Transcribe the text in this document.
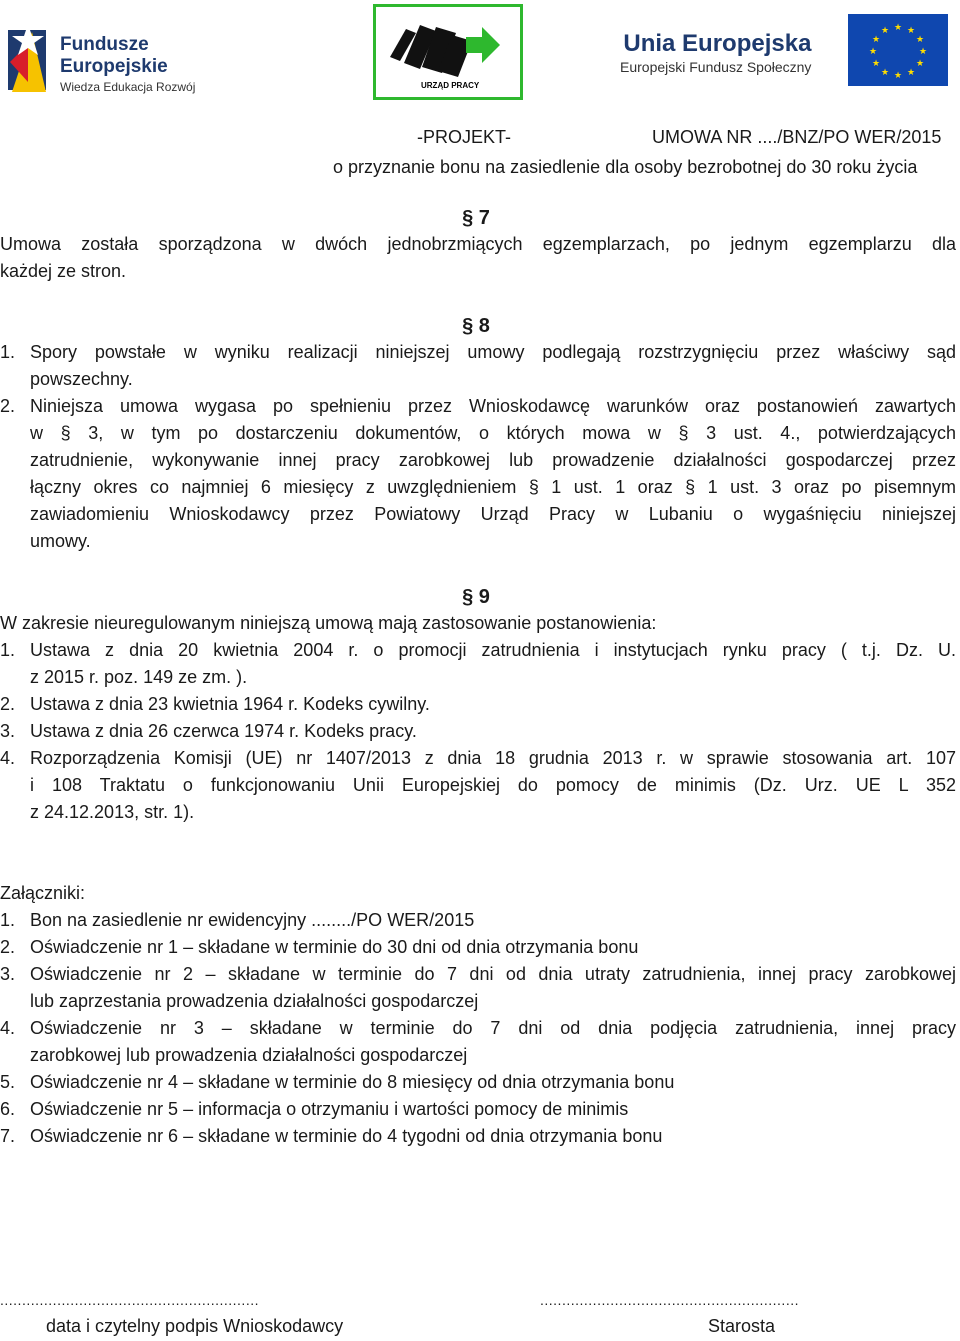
Fundusze
Europejskie
Wiedza Edukacja Rozwój	URZĄD PRACY
Unia Europejska
Europejski Fundusz Społeczny
★ ★
★
★
★
★
★
★
★
★
★
★
-PROJEKT-	UMOWA NR ..../BNZ/PO WER/2015
o przyznanie bonu na zasiedlenie dla osoby bezrobotnej do 30 roku życia
§ 7
Umowa została sporządzona w dwóch jednobrzmiących egzemplarzach, po jednym egzemplarzu dla
każdej ze stron.
§ 8
1. Spory powstałe w wyniku realizacji niniejszej umowy podlegają rozstrzygnięciu przez właściwy sąd
powszechny.
2. Niniejsza umowa wygasa po spełnieniu przez Wnioskodawcę warunków oraz postanowień zawartych
w § 3, w tym po dostarczeniu dokumentów, o których mowa w § 3 ust. 4., potwierdzających
zatrudnienie, wykonywanie innej pracy zarobkowej lub prowadzenie działalności gospodarczej przez
łączny okres co najmniej 6 miesięcy z uwzględnieniem § 1 ust. 1 oraz § 1 ust. 3 oraz po pisemnym
zawiadomieniu Wnioskodawcy przez Powiatowy Urząd Pracy w Lubaniu o wygaśnięciu niniejszej
umowy.
§ 9
W zakresie nieuregulowanym niniejszą umową mają zastosowanie postanowienia:
1. Ustawa z dnia 20 kwietnia 2004 r. o promocji zatrudnienia i instytucjach rynku pracy ( t.j. Dz. U.
z 2015 r. poz. 149 ze zm. ).
2. Ustawa z dnia 23 kwietnia 1964 r. Kodeks cywilny.
3. Ustawa z dnia 26 czerwca 1974 r. Kodeks pracy.
4. Rozporządzenia Komisji (UE) nr 1407/2013 z dnia 18 grudnia 2013 r. w sprawie stosowania art. 107
i 108 Traktatu o funkcjonowaniu Unii Europejskiej do pomocy de minimis (Dz. Urz. UE L 352
z 24.12.2013, str. 1).
Załączniki:
1. Bon na zasiedlenie nr ewidencyjny ......../PO WER/2015
2. Oświadczenie nr 1 – składane w terminie do 30 dni od dnia otrzymania bonu
3. Oświadczenie nr 2 – składane w terminie do 7 dni od dnia utraty zatrudnienia, innej pracy zarobkowej
lub zaprzestania prowadzenia działalności gospodarczej
4. Oświadczenie nr 3 – składane w terminie do 7 dni od dnia podjęcia zatrudnienia, innej pracy
zarobkowej lub prowadzenia działalności gospodarczej
5. Oświadczenie nr 4 – składane w terminie do 8 miesięcy od dnia otrzymania bonu
6. Oświadczenie nr 5 – informacja o otrzymaniu i wartości pomocy de minimis
7. Oświadczenie nr 6 – składane w terminie do 4 tygodni od dnia otrzymania bonu
...........................................................	...........................................................
data i czytelny podpis Wnioskodawcy	Starosta
